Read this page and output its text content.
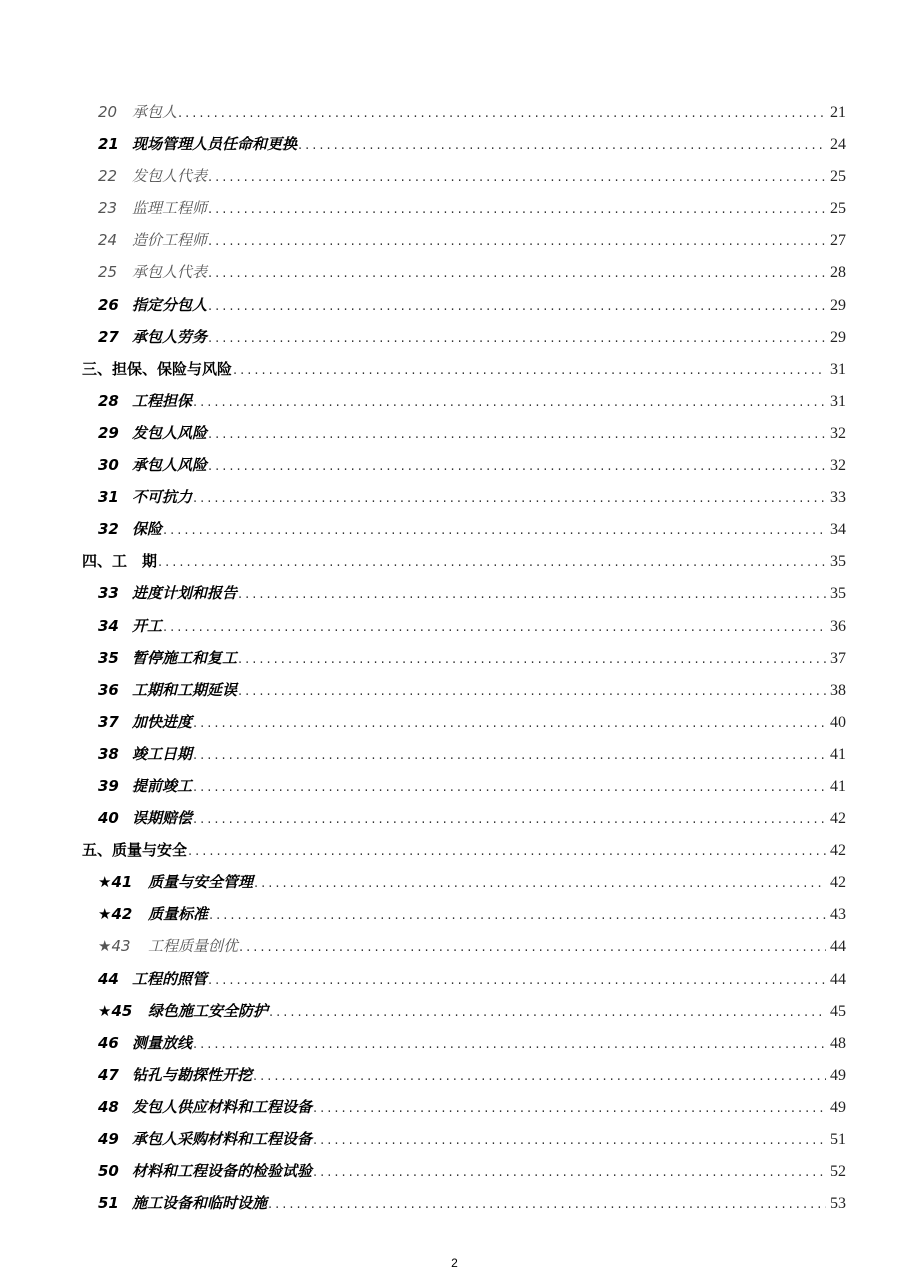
20 承包人 .....	21
21 现场管理人员任命和更换 .....	24
22 发包人代表 .....	25
23 监理工程师 .....	25
24 造价工程师 .....	27
25 承包人代表 .....	28
26 指定分包人 .....	29
27 承包人劳务 .....	29
三、担保、保险与风险 .....	31
28 工程担保 .....	31
29 发包人风险 .....	32
30 承包人风险 .....	32
31 不可抗力 .....	33
32 保险 .....	34
四、工　期 .....	35
33 进度计划和报告 .....	35
34 开工 .....	36
35 暂停施工和复工 .....	37
36 工期和工期延误 .....	38
37 加快进度 .....	40
38 竣工日期 .....	41
39 提前竣工 .....	41
40 误期赔偿 .....	42
五、质量与安全 .....	42
★41	质量与安全管理 .....	42
★42	质量标准 .....	43
★43	工程质量创优 .....	44
44 工程的照管 .....	44
★45	绿色施工安全防护 .....	45
46 测量放线 .....	48
47 钻孔与勘探性开挖 .....	49
48 发包人供应材料和工程设备 .....	49
49 承包人采购材料和工程设备 .....	51
50 材料和工程设备的检验试验 .....	52
51 施工设备和临时设施 .....	53
2
